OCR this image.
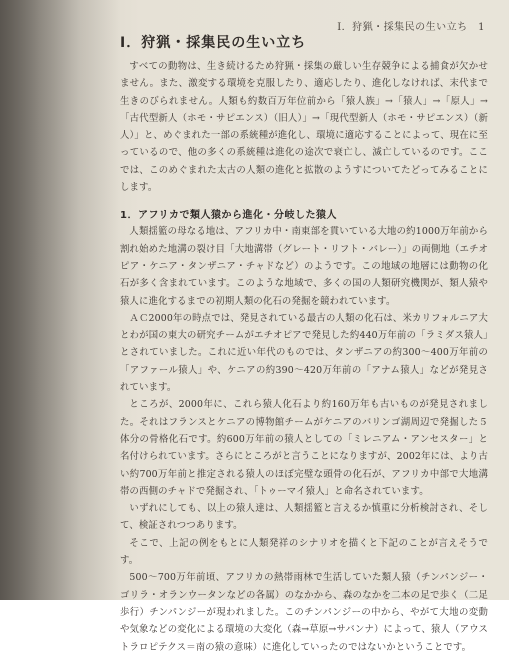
Ⅰ．狩猟・採集民の生い立ち　1
Ⅰ．狩猟・採集民の生い立ち

すべての動物は、生き続けるため狩猟・採集の厳しい生存競争による捕食が欠かせません。また、激変する環境を克服したり、適応したり、進化しなければ、末代まで生きのびられません。人類も約数百万年位前から「猿人族」→「猿人」→「原人」→「古代型新人（ホモ・サピエンス）（旧人）」→「現代型新人（ホモ・サピエンス）（新人）」と、めぐまれた一部の系統種が進化し、環境に適応することによって、現在に至っているので、他の多くの系統種は進化の途次で衰亡し、滅亡しているのです。ここでは、このめぐまれた太古の人類の進化と拡散のようすについてたどってみることにします。

1．アフリカで類人猿から進化・分岐した猿人

人類揺籃の母なる地は、アフリカ中・南東部を貫いている大地の約1000万年前から割れ始めた地溝の裂け目「大地溝帯（グレート・リフト・バレー）」の両側地（エチオピア・ケニア・タンザニア・チャドなど）のようです。この地域の地層には動物の化石が多く含まれています。このような地域で、多くの国の人類研究機関が、類人猿や猿人に進化するまでの初期人類の化石の発掘を競われています。

ＡＣ2000年の時点では、発見されている最古の人類の化石は、米カリフォルニア大とわが国の東大の研究チームがエチオピアで発見した約440万年前の「ラミダス猿人」とされていました。これに近い年代のものでは、タンザニアの約300～400万年前の「アファール猿人」や、ケニアの約390～420万年前の「アナム猿人」などが発見されています。

ところが、2000年に、これら猿人化石より約160万年も古いものが発見されました。それはフランスとケニアの博物館チームがケニアのバリンゴ湖周辺で発掘した５体分の骨格化石です。約600万年前の猿人としての「ミレニアム・アンセスター」と名付けられています。さらにところがと言うことになりますが、2002年には、より古い約700万年前と推定される猿人のほぼ完璧な頭骨の化石が、アフリカ中部で大地溝帯の西側のチャドで発掘され、「トゥーマイ猿人」と命名されています。

いずれにしても、以上の猿人達は、人類揺籃と言えるか慎重に分析検討され、そして、検証されつつあります。

そこで、上記の例をもとに人類発祥のシナリオを描くと下記のことが言えそうです。

500～700万年前頃、アフリカの熱帯雨林で生活していた類人猿（チンパンジー・ゴリラ・オランウータンなどの各属）のなかから、森のなかを二本の足で歩く（二足歩行）チンパンジーが現われました。このチンパンジーの中から、やがて大地の変動や気象などの変化による環境の大変化（森→草原→サバンナ）によって、猿人（アウストラロピテクス＝南の猿の意味）に進化していったのではないかということです。
